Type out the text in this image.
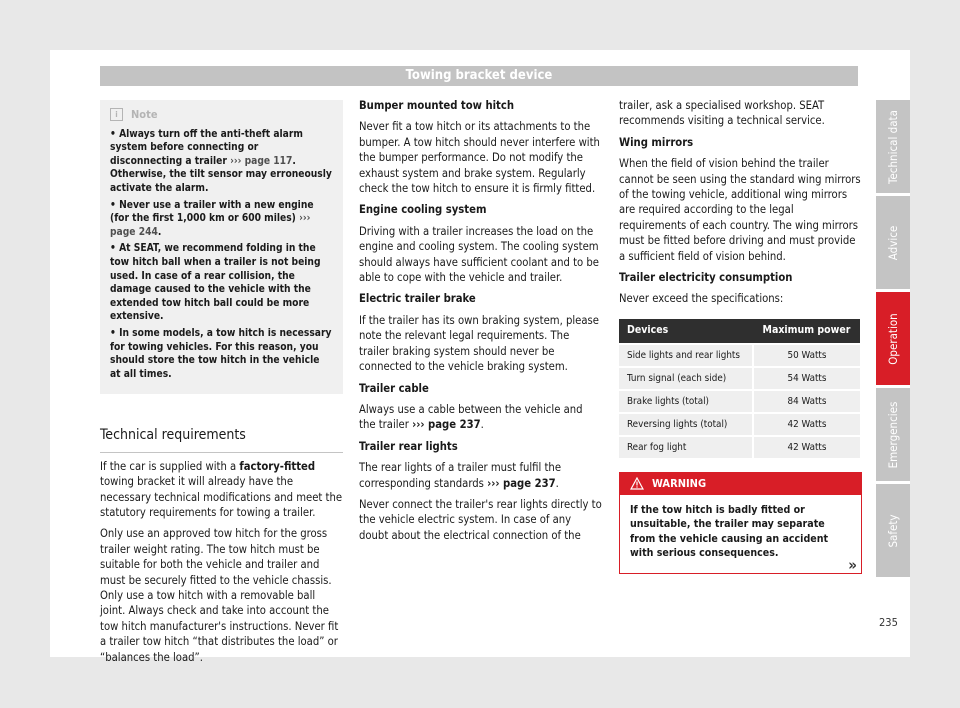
Towing bracket device
i	Note

• Always turn off the anti-theft alarm system before connecting or disconnecting a trailer ››› page 117. Otherwise, the tilt sensor may erroneously activate the alarm.

• Never use a trailer with a new engine (for the first 1,000 km or 600 miles) ››› page 244.

• At SEAT, we recommend folding in the tow hitch ball when a trailer is not being used. In case of a rear collision, the damage caused to the vehicle with the extended tow hitch ball could be more extensive.

• In some models, a tow hitch is necessary for towing vehicles. For this reason, you should store the tow hitch in the vehicle at all times.

Technical requirements

If the car is supplied with a factory-fitted towing bracket it will already have the necessary technical modifications and meet the statutory requirements for towing a trailer.

Only use an approved tow hitch for the gross trailer weight rating. The tow hitch must be suitable for both the vehicle and trailer and must be securely fitted to the vehicle chassis. Only use a tow hitch with a removable ball joint. Always check and take into account the tow hitch manufacturer's instructions. Never fit a trailer tow hitch “that distributes the load” or “balances the load”.

Bumper mounted tow hitch

Never fit a tow hitch or its attachments to the bumper. A tow hitch should never interfere with the bumper performance. Do not modify the exhaust system and brake system. Regularly check the tow hitch to ensure it is firmly fitted.

Engine cooling system

Driving with a trailer increases the load on the engine and cooling system. The cooling system should always have sufficient coolant and to be able to cope with the vehicle and trailer.

Electric trailer brake

If the trailer has its own braking system, please note the relevant legal requirements. The trailer braking system should never be connected to the vehicle braking system.

Trailer cable

Always use a cable between the vehicle and the trailer ››› page 237.

Trailer rear lights

The rear lights of a trailer must fulfil the corresponding standards ››› page 237.

Never connect the trailer's rear lights directly to the vehicle electric system. In case of any doubt about the electrical connection of the

trailer, ask a specialised workshop. SEAT recommends visiting a technical service.

Wing mirrors

When the field of vision behind the trailer cannot be seen using the standard wing mirrors of the towing vehicle, additional wing mirrors are required according to the legal requirements of each country. The wing mirrors must be fitted before driving and must provide a sufficient field of vision behind.

Trailer electricity consumption

Never exceed the specifications:

Devices	Maximum power
Side lights and rear lights	50 Watts
Turn signal (each side)	54 Watts
Brake lights (total)	84 Watts
Reversing lights (total)	42 Watts
Rear fog light	42 Watts
WARNING
If the tow hitch is badly fitted or unsuitable, the trailer may separate from the vehicle causing an accident with serious consequences.
»
Technical data
Advice
Operation
Emergencies
Safety
235
